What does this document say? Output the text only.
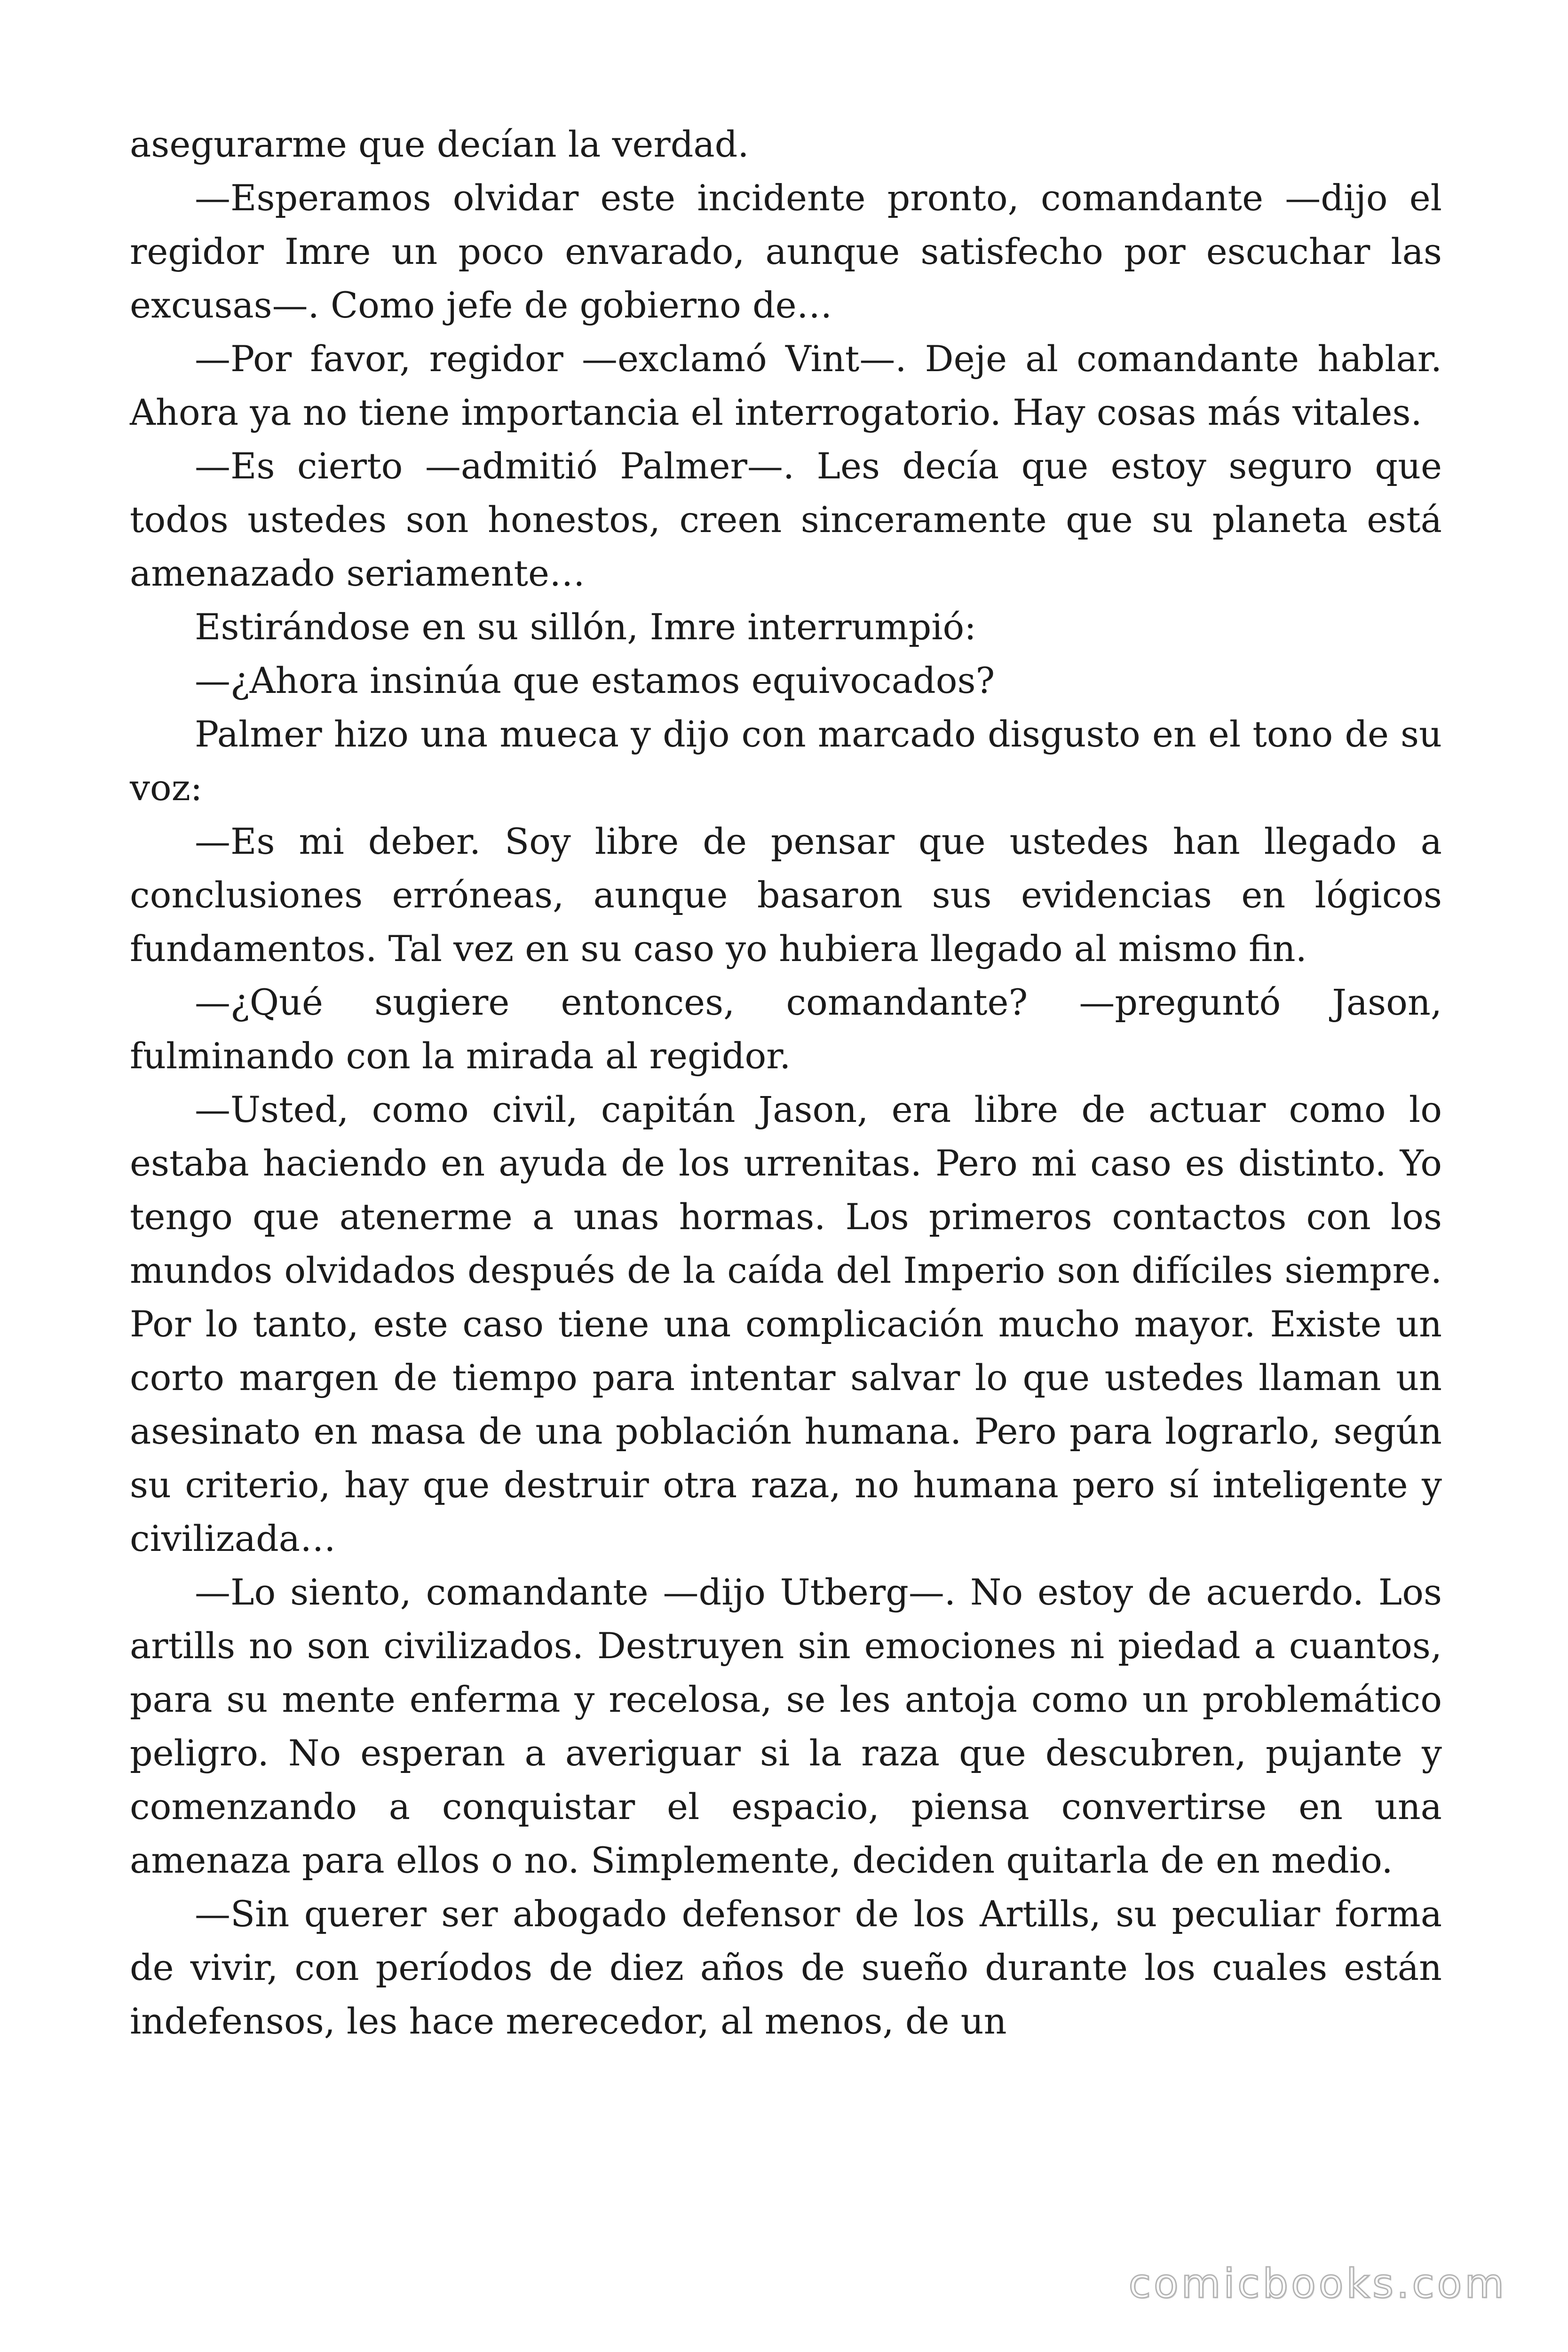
asegurarme que decían la verdad.

—Esperamos olvidar este incidente pronto, comandante —dijo el regidor Imre un poco envarado, aunque satisfecho por escuchar las excusas—. Como jefe de gobierno de…

—Por favor, regidor —exclamó Vint—. Deje al comandante hablar. Ahora ya no tiene importancia el interrogatorio. Hay cosas más vitales.

—Es cierto —admitió Palmer—. Les decía que estoy seguro que todos ustedes son honestos, creen sinceramente que su planeta está amenazado seriamente…

Estirándose en su sillón, Imre interrumpió:

—¿Ahora insinúa que estamos equivocados?

Palmer hizo una mueca y dijo con marcado disgusto en el tono de su voz:

—Es mi deber. Soy libre de pensar que ustedes han llegado a conclusiones erróneas, aunque basaron sus evidencias en lógicos fundamentos. Tal vez en su caso yo hubiera llegado al mismo fin.

—¿Qué sugiere entonces, comandante? —preguntó Jason, fulminando con la mirada al regidor.

—Usted, como civil, capitán Jason, era libre de actuar como lo estaba haciendo en ayuda de los urrenitas. Pero mi caso es distinto. Yo tengo que atenerme a unas hormas. Los primeros contactos con los mundos olvidados después de la caída del Imperio son difíciles siempre. Por lo tanto, este caso tiene una complicación mucho mayor. Existe un corto margen de tiempo para intentar salvar lo que ustedes llaman un asesinato en masa de una población humana. Pero para lograrlo, según su criterio, hay que destruir otra raza, no humana pero sí inteligente y civilizada…

—Lo siento, comandante —dijo Utberg—. No estoy de acuerdo. Los artills no son civilizados. Destruyen sin emociones ni piedad a cuantos, para su mente enferma y recelosa, se les antoja como un problemático peligro. No esperan a averiguar si la raza que descubren, pujante y comenzando a conquistar el espacio, piensa convertirse en una amenaza para ellos o no. Simplemente, deciden quitarla de en medio.

—Sin querer ser abogado defensor de los Artills, su peculiar forma de vivir, con períodos de diez años de sueño durante los cuales están indefensos, les hace merecedor, al menos, de un

comicbooks.com
